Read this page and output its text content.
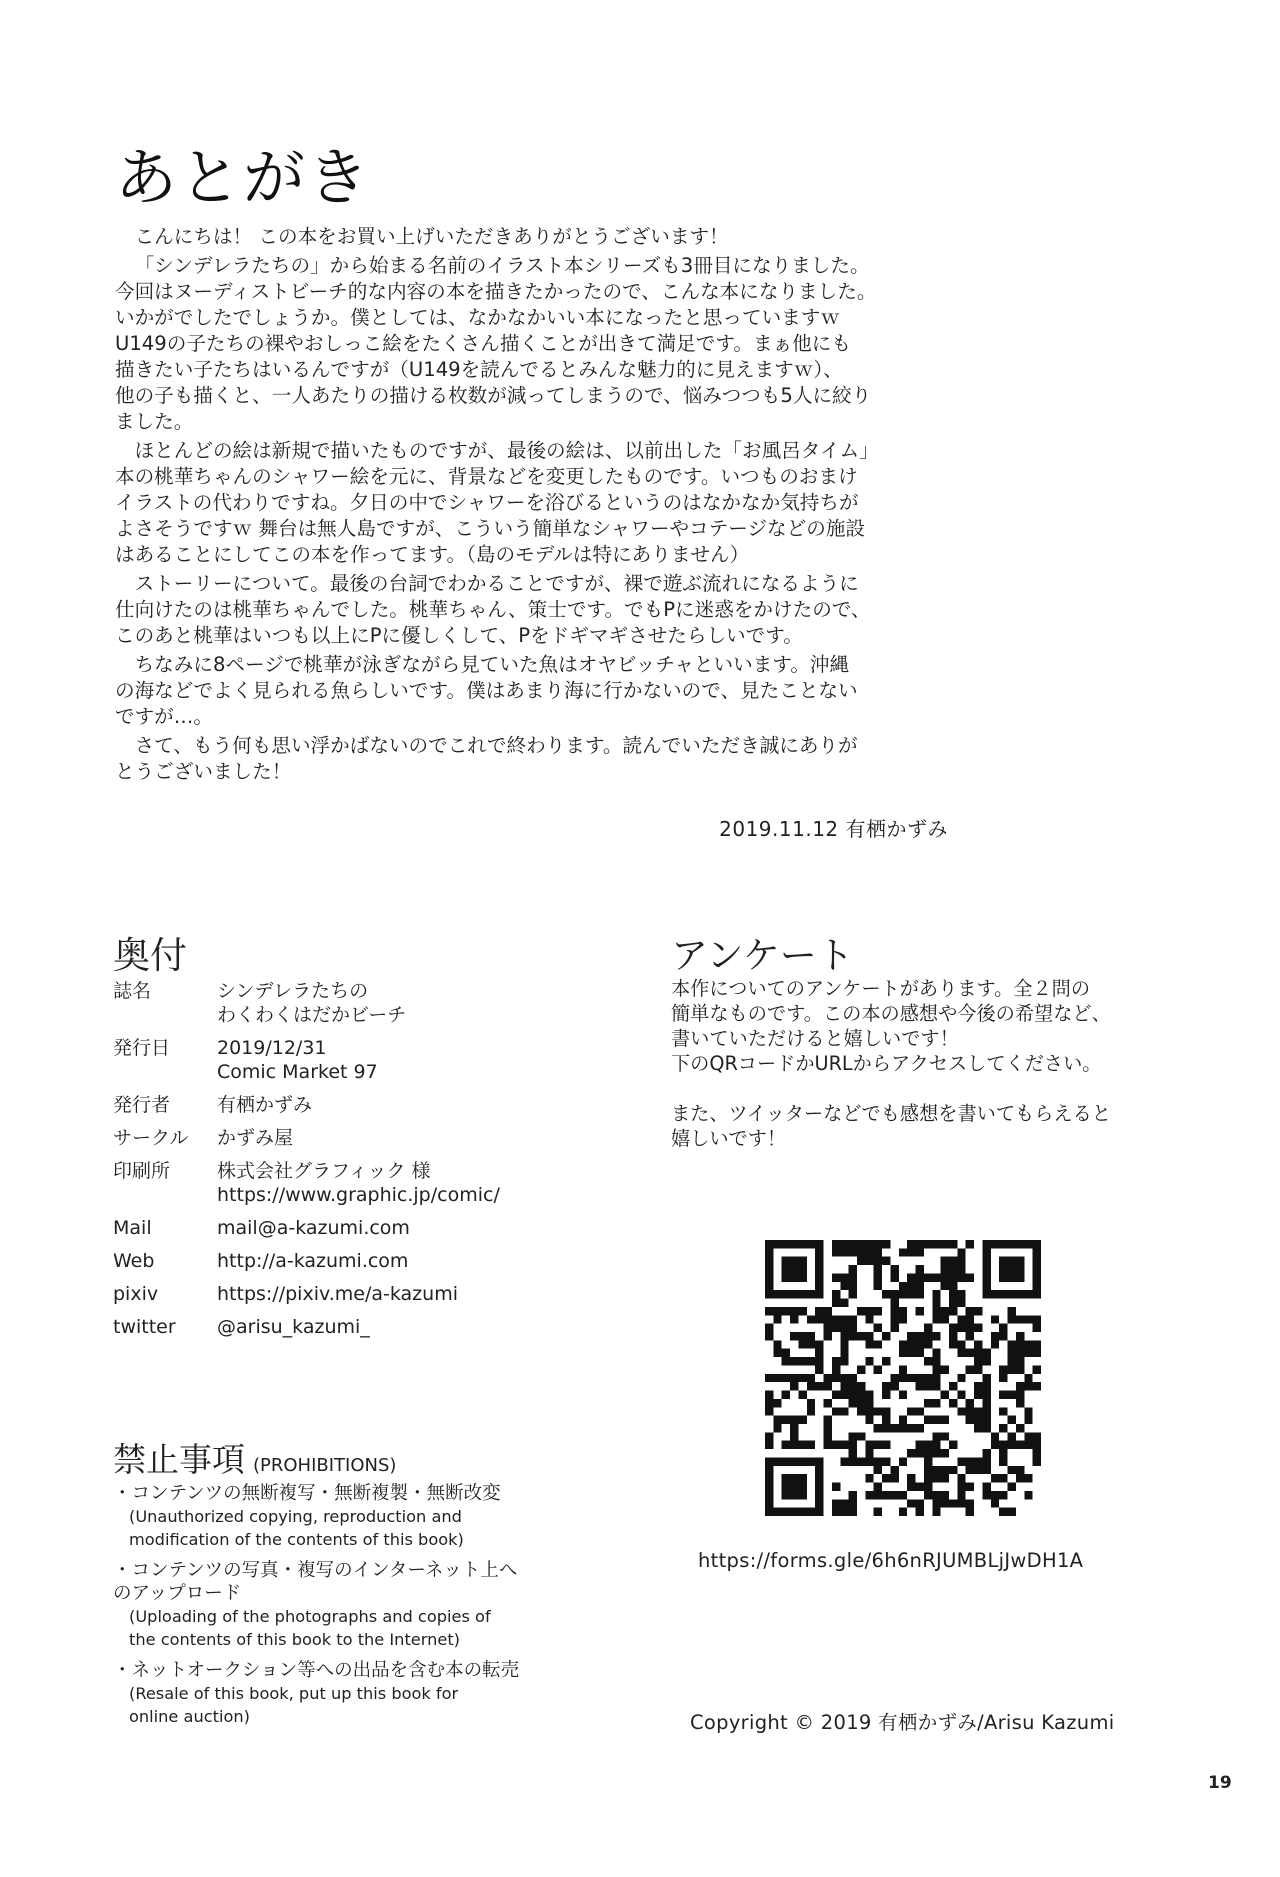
あとがき

こんにちは！ この本をお買い上げいただきありがとうございます！

「シンデレラたちの」から始まる名前のイラスト本シリーズも3冊目になりました。
今回はヌーディストビーチ的な内容の本を描きたかったので、こんな本になりました。
いかがでしたでしょうか。僕としては、なかなかいい本になったと思っていますｗ
U149の子たちの裸やおしっこ絵をたくさん描くことが出きて満足です。まぁ他にも
描きたい子たちはいるんですが（U149を読んでるとみんな魅力的に見えますｗ）、
他の子も描くと、一人あたりの描ける枚数が減ってしまうので、悩みつつも5人に絞り
ました。

ほとんどの絵は新規で描いたものですが、最後の絵は、以前出した「お風呂タイム」
本の桃華ちゃんのシャワー絵を元に、背景などを変更したものです。いつものおまけ
イラストの代わりですね。夕日の中でシャワーを浴びるというのはなかなか気持ちが
よさそうですｗ 舞台は無人島ですが、こういう簡単なシャワーやコテージなどの施設
はあることにしてこの本を作ってます。（島のモデルは特にありません）

ストーリーについて。最後の台詞でわかることですが、裸で遊ぶ流れになるように
仕向けたのは桃華ちゃんでした。桃華ちゃん、策士です。でもPに迷惑をかけたので、
このあと桃華はいつも以上にPに優しくして、Pをドギマギさせたらしいです。

ちなみに8ページで桃華が泳ぎながら見ていた魚はオヤビッチャといいます。沖縄
の海などでよく見られる魚らしいです。僕はあまり海に行かないので、見たことない
ですが…。

さて、もう何も思い浮かばないのでこれで終わります。読んでいただき誠にありが
とうございました！

2019.11.12 有栖かずみ
奥付
誌名	シンデレラたちの
わくわくはだかビーチ
発行日	2019/12/31
Comic Market 97
発行者	有栖かずみ
サークル	かずみ屋
印刷所	株式会社グラフィック 様
https://www.graphic.jp/comic/
Mail	mail@a-kazumi.com
Web	http://a-kazumi.com
pixiv	https://pixiv.me/a-kazumi
twitter	@arisu_kazumi_
禁止事項 (PROHIBITIONS)
・コンテンツの無断複写・無断複製・無断改変
(Unauthorized copying, reproduction and
modification of the contents of this book)
・コンテンツの写真・複写のインターネット上へ
のアップロード
(Uploading of the photographs and copies of
the contents of this book to the Internet)
・ネットオークション等への出品を含む本の転売
(Resale of this book, put up this book for
online auction)
アンケート
本作についてのアンケートがあります。全２問の
簡単なものです。この本の感想や今後の希望など、
書いていただけると嬉しいです！
下のQRコードかURLからアクセスしてください。
また、ツイッターなどでも感想を書いてもらえると
嬉しいです！
https://forms.gle/6h6nRJUMBLjJwDH1A
Copyright © 2019 有栖かずみ/Arisu Kazumi
19
